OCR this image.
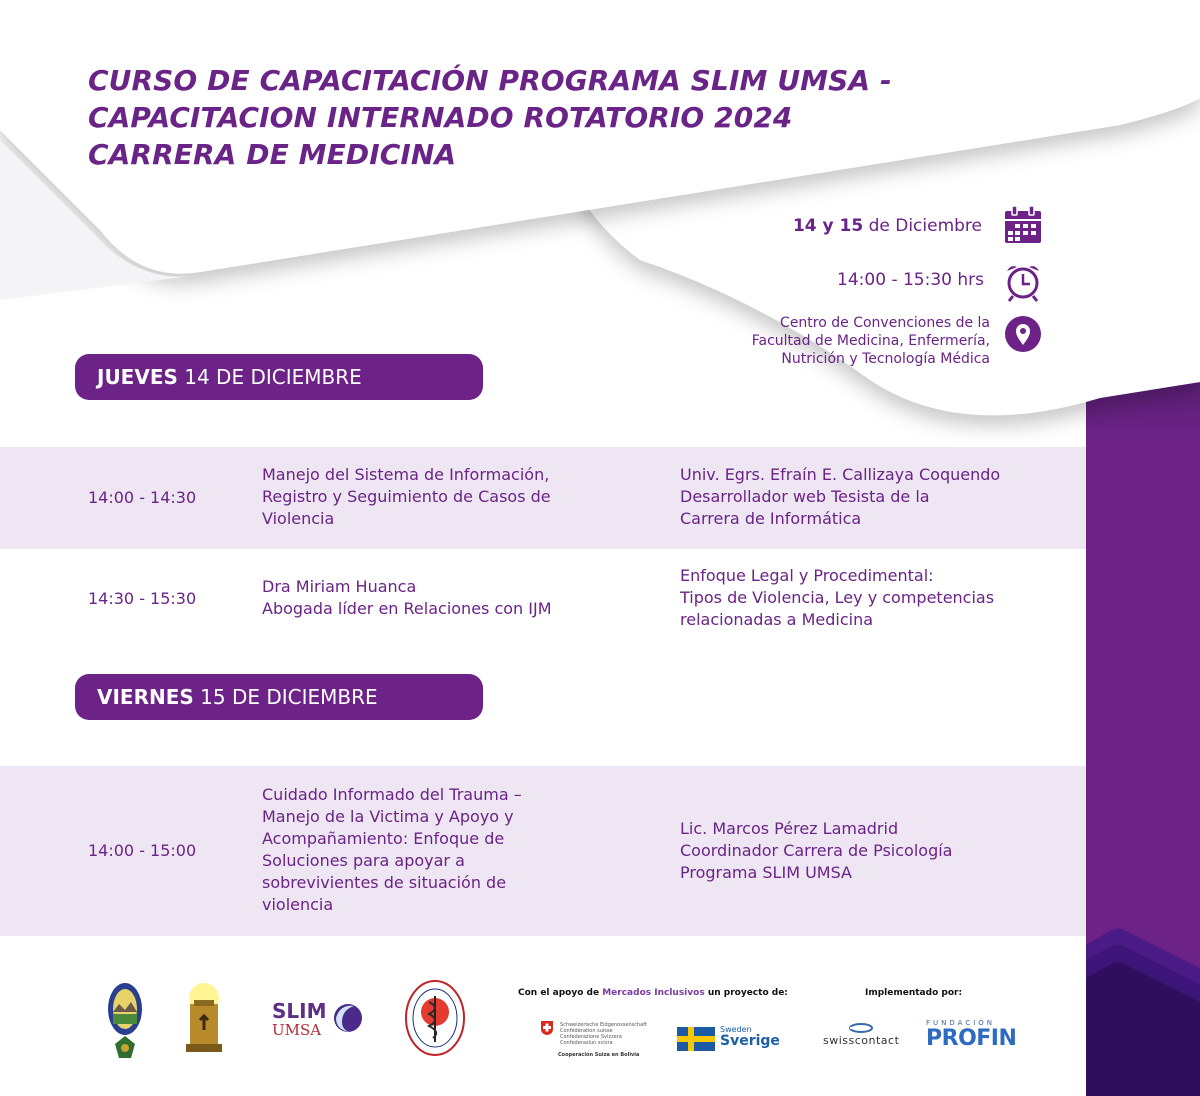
CURSO DE CAPACITACIÓN PROGRAMA SLIM UMSA -
CAPACITACION INTERNADO ROTATORIO 2024
CARRERA DE MEDICINA
14 y 15 de Diciembre
14:00 - 15:30 hrs
Centro de Convenciones de la
Facultad de Medicina, Enfermería,
Nutrición y Tecnología Médica
JUEVES 14 DE DICIEMBRE
14:00 - 14:30
Manejo del Sistema de Información,
Registro y Seguimiento de Casos de
Violencia
Univ. Egrs. Efraín E. Callizaya Coquendo
Desarrollador web Tesista de la
Carrera de Informática
14:30 - 15:30
Dra Miriam Huanca
Abogada líder en Relaciones con IJM
Enfoque Legal y Procedimental:
Tipos de Violencia, Ley y competencias
relacionadas a Medicina
VIERNES 15 DE DICIEMBRE
14:00 - 15:00
Cuidado Informado del Trauma –
Manejo de la Victima y Apoyo y
Acompañamiento: Enfoque de
Soluciones para apoyar a
sobrevivientes de situación de
violencia
Lic. Marcos Pérez Lamadrid
Coordinador Carrera de Psicología
Programa SLIM UMSA
SLIM
UMSA
Con el apoyo de Mercados Inclusivos un proyecto de:
Schweizerische Eidgenossenschaft
Confédération suisse
Confederazione Svizzera
Confederaziun svizra
Cooperación Suiza en Bolivia
Sweden
Sverige
Implementado por:
swisscontact
FUNDACIÓN
PROFIN
